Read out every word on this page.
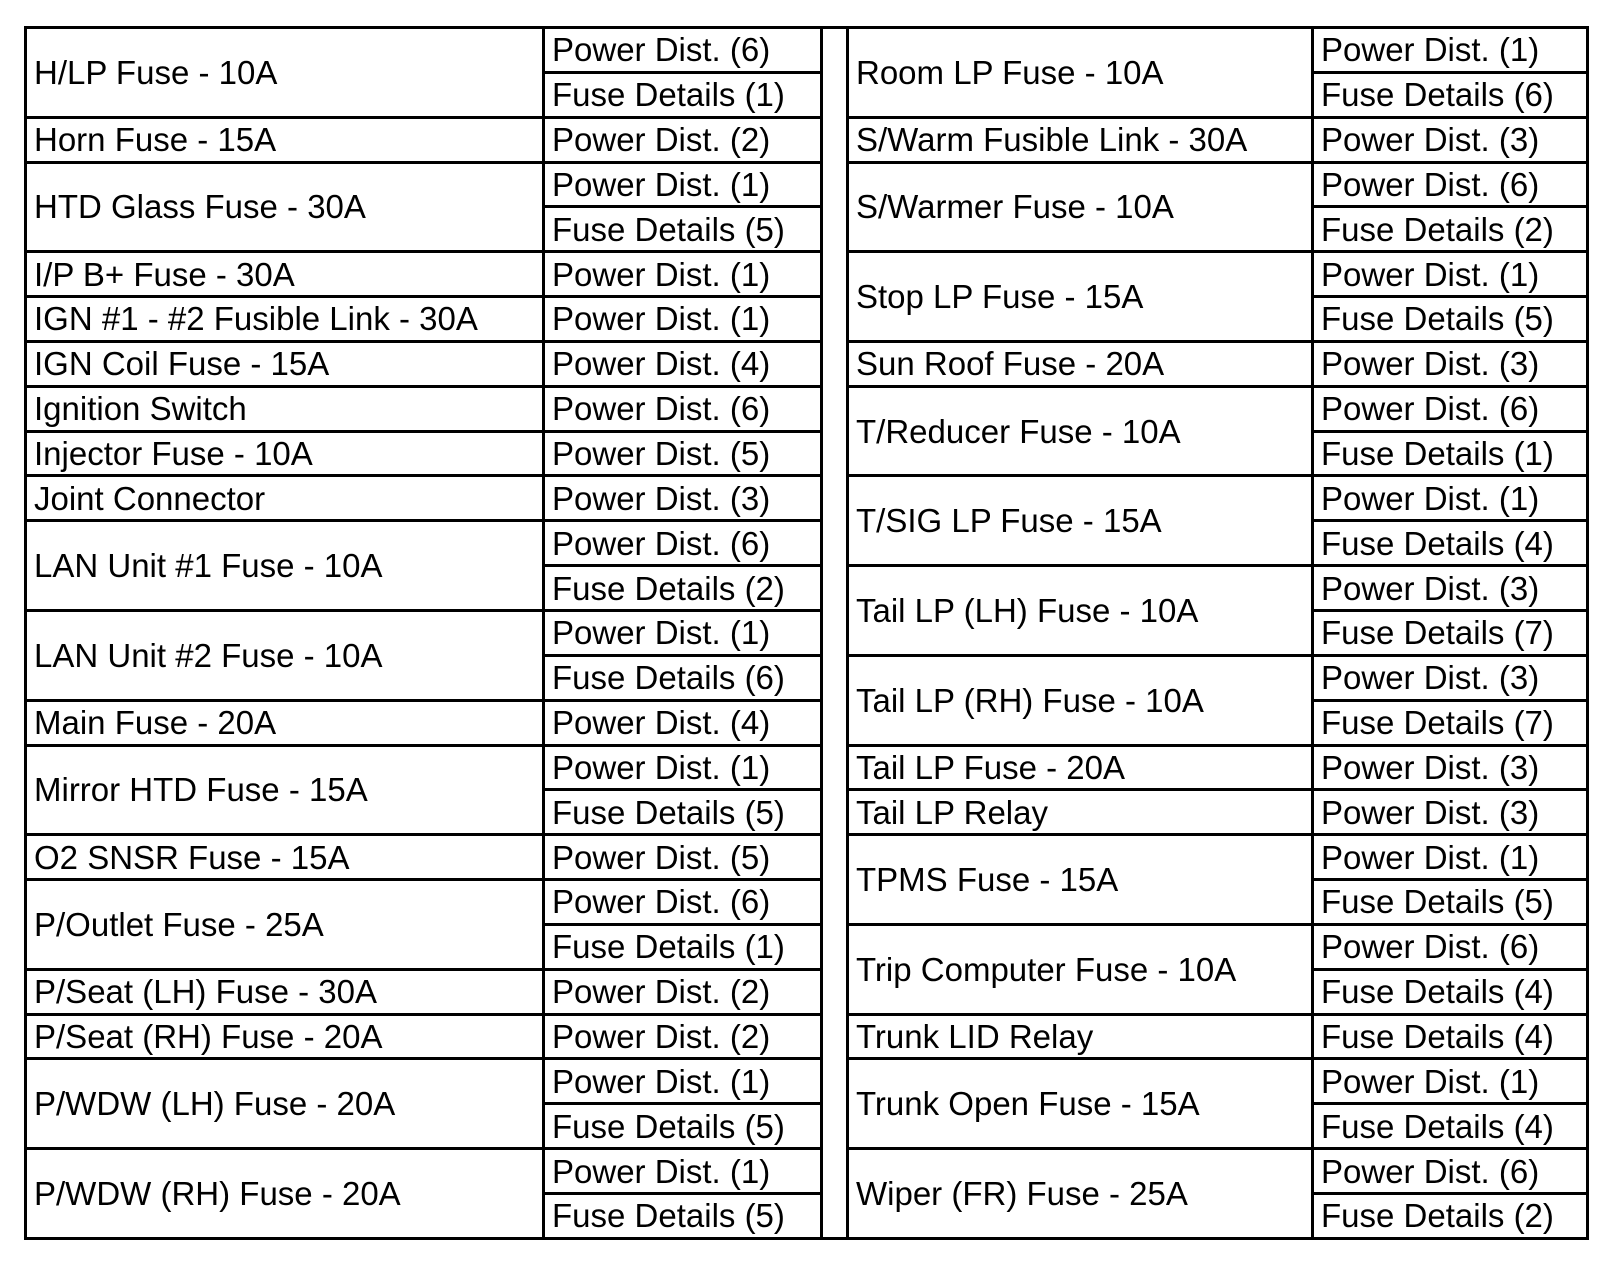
H/LP Fuse - 10A	Power Dist. (6)		Room LP Fuse - 10A	Power Dist. (1)
	Fuse Details (1)			Fuse Details (6)
Horn Fuse - 15A	Power Dist. (2)		S/Warm Fusible Link - 30A	Power Dist. (3)
HTD Glass Fuse - 30A	Power Dist. (1)		S/Warmer Fuse - 10A	Power Dist. (6)
	Fuse Details (5)			Fuse Details (2)
I/P B+ Fuse - 30A	Power Dist. (1)		Stop LP Fuse - 15A	Power Dist. (1)
IGN #1 - #2 Fusible Link - 30A	Power Dist. (1)			Fuse Details (5)
IGN Coil Fuse - 15A	Power Dist. (4)		Sun Roof Fuse - 20A	Power Dist. (3)
Ignition Switch	Power Dist. (6)		T/Reducer Fuse - 10A	Power Dist. (6)
Injector Fuse - 10A	Power Dist. (5)			Fuse Details (1)
Joint Connector	Power Dist. (3)		T/SIG LP Fuse - 15A	Power Dist. (1)
LAN Unit #1 Fuse - 10A	Power Dist. (6)			Fuse Details (4)
	Fuse Details (2)		Tail LP (LH) Fuse - 10A	Power Dist. (3)
LAN Unit #2 Fuse - 10A	Power Dist. (1)			Fuse Details (7)
	Fuse Details (6)		Tail LP (RH) Fuse - 10A	Power Dist. (3)
Main Fuse - 20A	Power Dist. (4)			Fuse Details (7)
Mirror HTD Fuse - 15A	Power Dist. (1)		Tail LP Fuse - 20A	Power Dist. (3)
	Fuse Details (5)		Tail LP Relay	Power Dist. (3)
O2 SNSR Fuse - 15A	Power Dist. (5)		TPMS Fuse - 15A	Power Dist. (1)
P/Outlet Fuse - 25A	Power Dist. (6)			Fuse Details (5)
	Fuse Details (1)		Trip Computer Fuse - 10A	Power Dist. (6)
P/Seat (LH) Fuse - 30A	Power Dist. (2)			Fuse Details (4)
P/Seat (RH) Fuse - 20A	Power Dist. (2)		Trunk LID Relay	Fuse Details (4)
P/WDW (LH) Fuse - 20A	Power Dist. (1)		Trunk Open Fuse - 15A	Power Dist. (1)
	Fuse Details (5)			Fuse Details (4)
P/WDW (RH) Fuse - 20A	Power Dist. (1)		Wiper (FR) Fuse - 25A	Power Dist. (6)
	Fuse Details (5)			Fuse Details (2)
